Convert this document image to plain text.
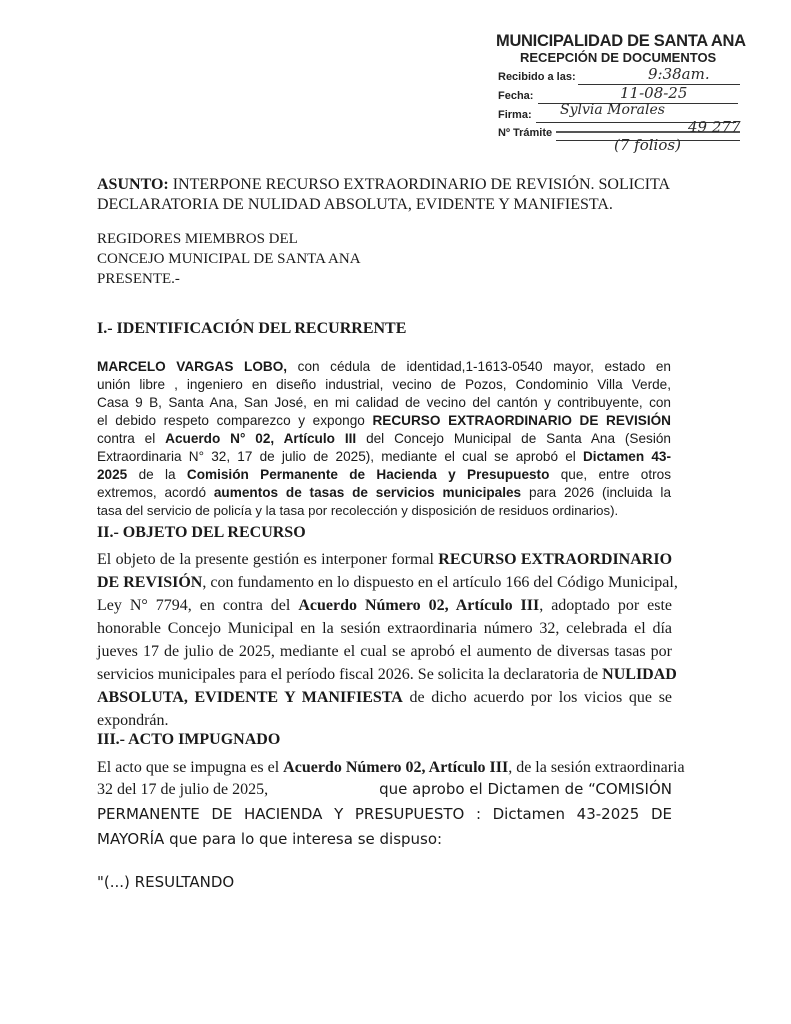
MUNICIPALIDAD DE SANTA ANA
RECEPCIÓN DE DOCUMENTOS
Recibido a las:	9:38am.
Fecha:	11-08-25
Firma: Sylvia Morales
Nº Trámite	49 277
(7 folios)
ASUNTO: INTERPONE RECURSO EXTRAORDINARIO DE REVISIÓN. SOLICITA
DECLARATORIA DE NULIDAD ABSOLUTA, EVIDENTE Y MANIFIESTA.
REGIDORES MIEMBROS DEL
CONCEJO MUNICIPAL DE SANTA ANA
PRESENTE.-
I.- IDENTIFICACIÓN DEL RECURRENTE
MARCELO VARGAS LOBO, con cédula de identidad,1-1613-0540 mayor, estado en
unión libre , ingeniero en diseño industrial, vecino de Pozos, Condominio Villa Verde,
Casa 9 B, Santa Ana, San José, en mi calidad de vecino del cantón y contribuyente, con
el debido respeto comparezco y expongo RECURSO EXTRAORDINARIO DE REVISIÓN
contra el Acuerdo N° 02, Artículo III del Concejo Municipal de Santa Ana (Sesión
Extraordinaria N° 32, 17 de julio de 2025), mediante el cual se aprobó el Dictamen 43-
2025 de la Comisión Permanente de Hacienda y Presupuesto que, entre otros
extremos, acordó aumentos de tasas de servicios municipales para 2026 (incluida la
tasa del servicio de policía y la tasa por recolección y disposición de residuos ordinarios).
II.- OBJETO DEL RECURSO
El objeto de la presente gestión es interponer formal RECURSO EXTRAORDINARIO
DE REVISIÓN, con fundamento en lo dispuesto en el artículo 166 del Código Municipal,
Ley N° 7794, en contra del Acuerdo Número 02, Artículo III, adoptado por este
honorable Concejo Municipal en la sesión extraordinaria número 32, celebrada el día
jueves 17 de julio de 2025, mediante el cual se aprobó el aumento de diversas tasas por
servicios municipales para el período fiscal 2026. Se solicita la declaratoria de NULIDAD
ABSOLUTA, EVIDENTE Y MANIFIESTA de dicho acuerdo por los vicios que se
expondrán.
III.- ACTO IMPUGNADO
El acto que se impugna es el Acuerdo Número 02, Artículo III, de la sesión extraordinaria
32 del 17 de julio de 2025,	que aprobo el Dictamen de “COMISIÓN
PERMANENTE DE HACIENDA Y PRESUPUESTO : Dictamen 43-2025 DE
MAYORÍA que para lo que interesa se dispuso:
"(...) RESULTANDO
